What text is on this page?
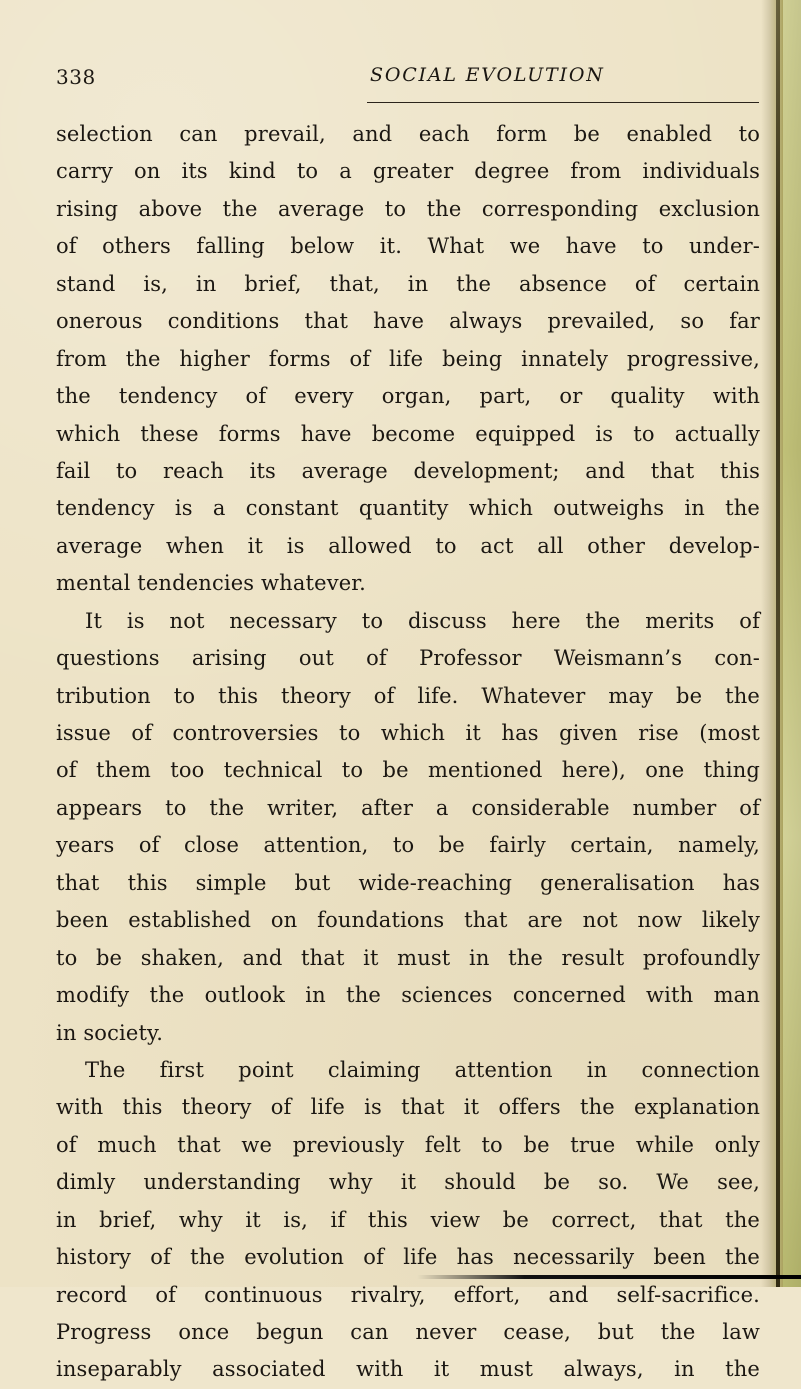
338	SOCIAL EVOLUTION
selection can prevail, and each form be enabled to
carry on its kind to a greater degree from individuals
rising above the average to the corresponding exclusion
of others falling below it. What we have to under-
stand is, in brief, that, in the absence of certain
onerous conditions that have always prevailed, so far
from the higher forms of life being innately progressive,
the tendency of every organ, part, or quality with
which these forms have become equipped is to actually
fail to reach its average development; and that this
tendency is a constant quantity which outweighs in the
average when it is allowed to act all other develop-
mental tendencies whatever.
It is not necessary to discuss here the merits of
questions arising out of Professor Weismann’s con-
tribution to this theory of life. Whatever may be the
issue of controversies to which it has given rise (most
of them too technical to be mentioned here), one thing
appears to the writer, after a considerable number of
years of close attention, to be fairly certain, namely,
that this simple but wide-reaching generalisation has
been established on foundations that are not now likely
to be shaken, and that it must in the result profoundly
modify the outlook in the sciences concerned with man
in society.
The first point claiming attention in connection
with this theory of life is that it offers the explanation
of much that we previously felt to be true while only
dimly understanding why it should be so. We see,
in brief, why it is, if this view be correct, that the
history of the evolution of life has necessarily been the
record of continuous rivalry, effort, and self-sacrifice.
Progress once begun can never cease, but the law
inseparably associated with it must always, in the
